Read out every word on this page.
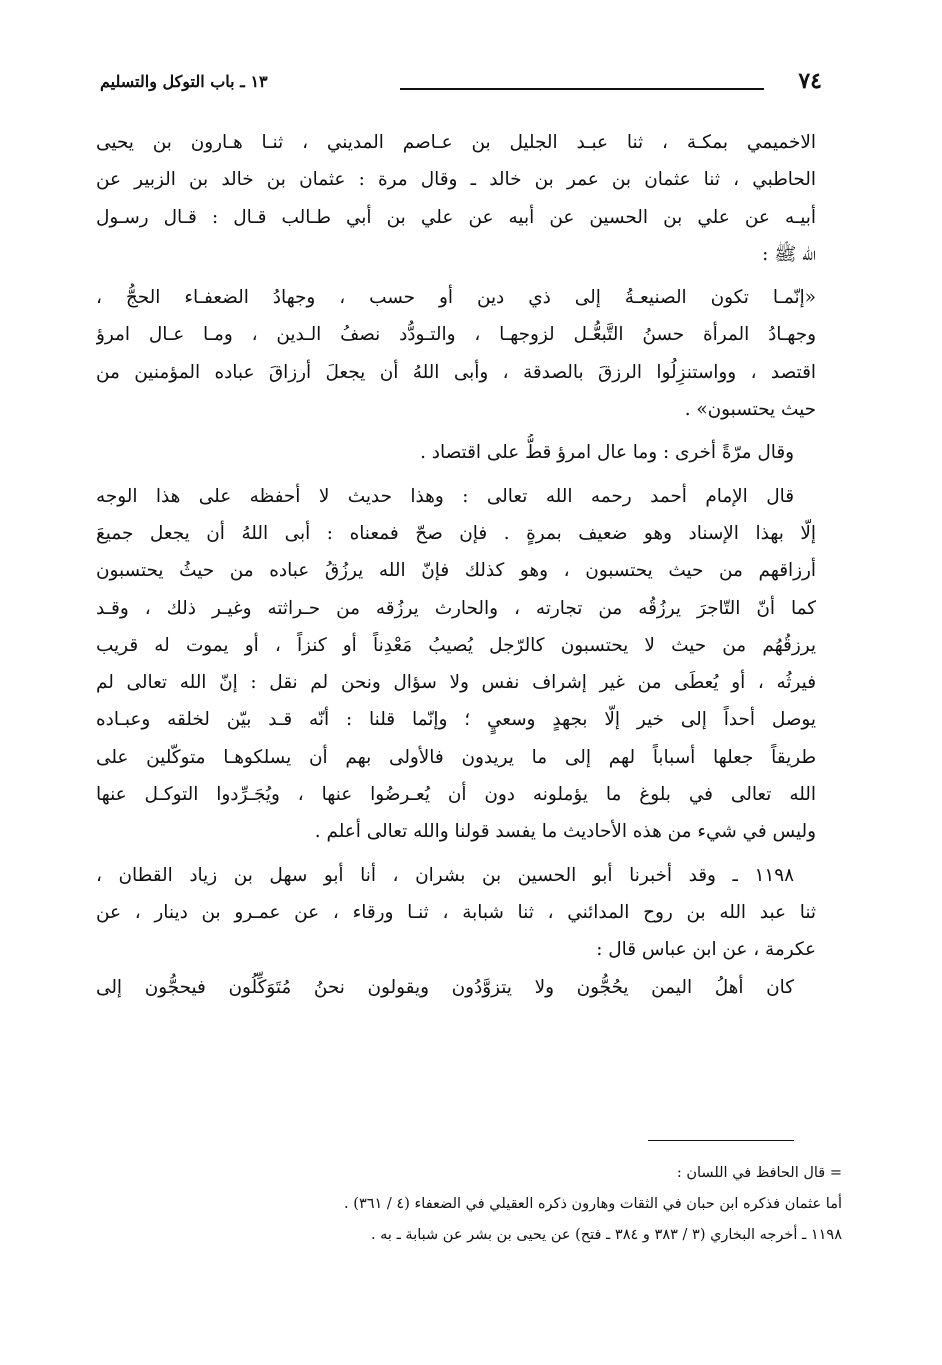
٧٤
١٣ ـ باب التوكل والتسليم
الاخميمي بمكـة ، ثنا عبـد الجليل بن عـاصم المديني ، ثنـا هـارون بن يحيى
الحاطبي ، ثنا عثمان بن عمر بن خالد ـ وقال مرة : عثمان بن خالد بن الزبير عن
أبيـه عن علي بن الحسين عن أبيه عن علي بن أبي طـالب قـال : قـال رسـول
الله ﷺ :
«إنّمـا تكون الصنيعـةُ إلى ذي دين أو حسب ، وجهادُ الضعفـاء الحجُّ ،
وجهـادُ المرأة حسنُ التَّبعُّـل لزوجهـا ، والتـودُّد نصفُ الـدين ، ومـا عـال امرؤ
اقتصد ، وواستنزِلُوا الرزقَ بالصدقة ، وأبى اللهُ أن يجعلَ أرزاقَ عباده المؤمنين من
حيث يحتسبون» .
وقال مرّةً أخرى : وما عال امرؤ قطُّ على اقتصاد .
قال الإمام أحمد رحمه الله تعالى : وهذا حديث لا أحفظه على هذا الوجه
إلّا بهذا الإسناد وهو ضعيف بمرةٍ . فإن صحّ فمعناه : أبى اللهُ أن يجعل جميعَ
أرزاقهم من حيث يحتسبون ، وهو كذلك فإنّ الله يرزُقُ عباده من حيثُ يحتسبون
كما أنّ التّاجرَ يرزُقُه من تجارته ، والحارث يرزُقه من حـراثته وغيـر ذلك ، وقـد
يرزقُهُم من حيث لا يحتسبون كالرّجل يُصيبُ مَعْدِناً أو كنزاً ، أو يموت له قريب
فيرثُه ، أو يُعطَى من غير إشراف نفس ولا سؤال ونحن لم نقل : إنّ الله تعالى لم
يوصل أحداً إلى خير إلّا بجهدٍ وسعيٍ ؛ وإنّما قلنا : أنّه قـد بيّن لخلقه وعبـاده
طريقاً جعلها أسباباً لهم إلى ما يريدون فالأولى بهم أن يسلكوهـا متوكّلين على
الله تعالى في بلوغ ما يؤملونه دون أن يُعـرضُوا عنها ، ويُجَـرِّدوا التوكـل عنها
وليس في شيء من هذه الأحاديث ما يفسد قولنا والله تعالى أعلم .
١١٩٨ ـ وقد أخبرنا أبو الحسين بن بشران ، أنا أبو سهل بن زياد القطان ،
ثنا عبد الله بن روح المدائني ، ثنا شبابة ، ثنـا ورقاء ، عن عمـرو بن دينار ، عن
عكرمة ، عن ابن عباس قال :
كان أهلُ اليمن يحُجُّون ولا يتزوَّدُون ويقولون نحنُ مُتَوَكِّلُون فيحجُّون إلى
= قال الحافظ في اللسان :
أما عثمان فذكره ابن حبان في الثقات وهارون ذكره العقيلي في الضعفاء (٤ / ٣٦١) .
١١٩٨ ـ أخرجه البخاري (٣ / ٣٨٣ و ٣٨٤ ـ فتح) عن يحيى بن بشر عن شبابة ـ به .
